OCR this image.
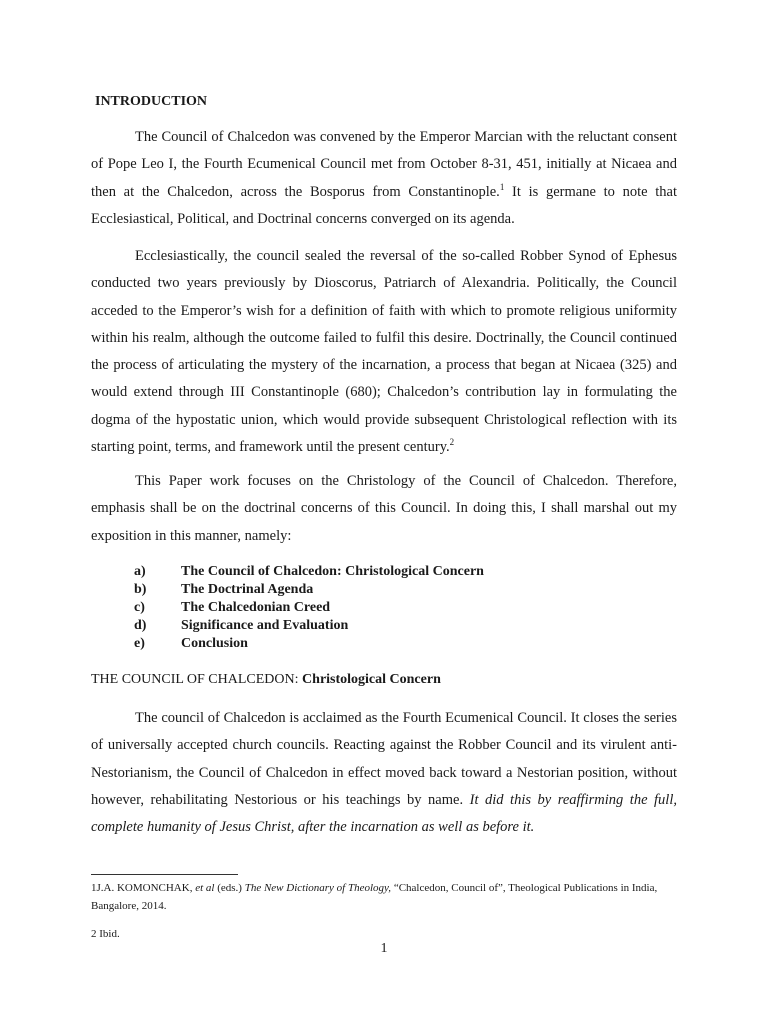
INTRODUCTION
The Council of Chalcedon was convened by the Emperor Marcian with the reluctant consent of Pope Leo I, the Fourth Ecumenical Council met from October 8-31, 451, initially at Nicaea and then at the Chalcedon, across the Bosporus from Constantinople.$^1$ It is germane to note that Ecclesiastical, Political, and Doctrinal concerns converged on its agenda.
Ecclesiastically, the council sealed the reversal of the so-called Robber Synod of Ephesus conducted two years previously by Dioscorus, Patriarch of Alexandria. Politically, the Council acceded to the Emperor’s wish for a definition of faith with which to promote religious uniformity within his realm, although the outcome failed to fulfil this desire. Doctrinally, the Council continued the process of articulating the mystery of the incarnation, a process that began at Nicaea (325) and would extend through III Constantinople (680); Chalcedon’s contribution lay in formulating the dogma of the hypostatic union, which would provide subsequent Christological reflection with its starting point, terms, and framework until the present century.$^2$
This Paper work focuses on the Christology of the Council of Chalcedon. Therefore, emphasis shall be on the doctrinal concerns of this Council. In doing this, I shall marshal out my exposition in this manner, namely:
a)	The Council of Chalcedon: Christological Concern
b)	The Doctrinal Agenda
c)	The Chalcedonian Creed
d)	Significance and Evaluation
e)	Conclusion
THE COUNCIL OF CHALCEDON: Christological Concern
The council of Chalcedon is acclaimed as the Fourth Ecumenical Council. It closes the series of universally accepted church councils. Reacting against the Robber Council and its virulent anti-Nestorianism, the Council of Chalcedon in effect moved back toward a Nestorian position, without however, rehabilitating Nestorious or his teachings by name. It did this by reaffirming the full, complete humanity of Jesus Christ, after the incarnation as well as before it.
1J.A. KOMONCHAK, et al (eds.) The New Dictionary of Theology, “Chalcedon, Council of”, Theological Publications in India, Bangalore, 2014.
2 Ibid.
1
